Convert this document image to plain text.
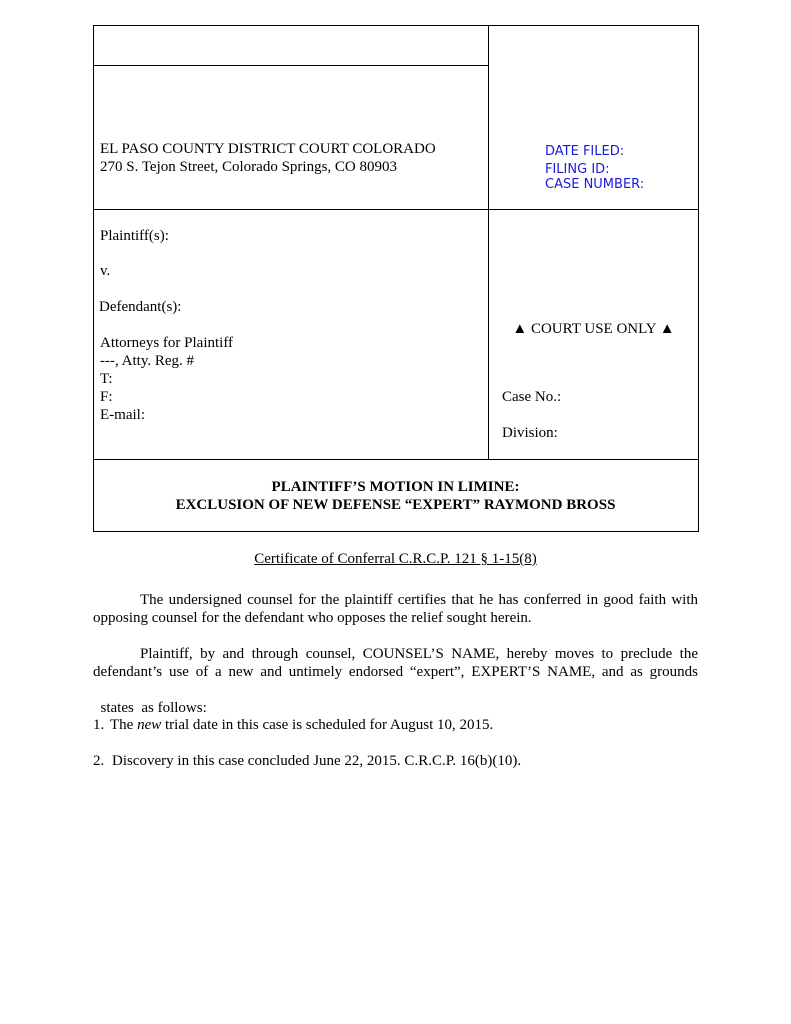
EL PASO COUNTY DISTRICT COURT COLORADO
270 S. Tejon Street, Colorado Springs, CO 80903
DATE FILED:
FILING ID:
CASE NUMBER:
Plaintiff(s):
v.
Defendant(s):
Attorneys for Plaintiff
---, Atty. Reg. #
T:
F:
E-mail:
▲ COURT USE ONLY ▲
Case No.:
Division:
PLAINTIFF’S MOTION IN LIMINE:
EXCLUSION OF NEW DEFENSE “EXPERT” RAYMOND BROSS
Certificate of Conferral C.R.C.P. 121 § 1-15(8)
The undersigned counsel for the plaintiff certifies that he has conferred in good faith with opposing counsel for the defendant who opposes the relief sought herein.
Plaintiff, by and through counsel, COUNSEL’S NAME, hereby moves to preclude the
defendant’s use of a new and untimely endorsed “expert”, EXPERT’S NAME, and as grounds

states  as follows:

1. The new trial date in this case is scheduled for August 10, 2015.
2. Discovery in this case concluded June 22, 2015. C.R.C.P. 16(b)(10).
